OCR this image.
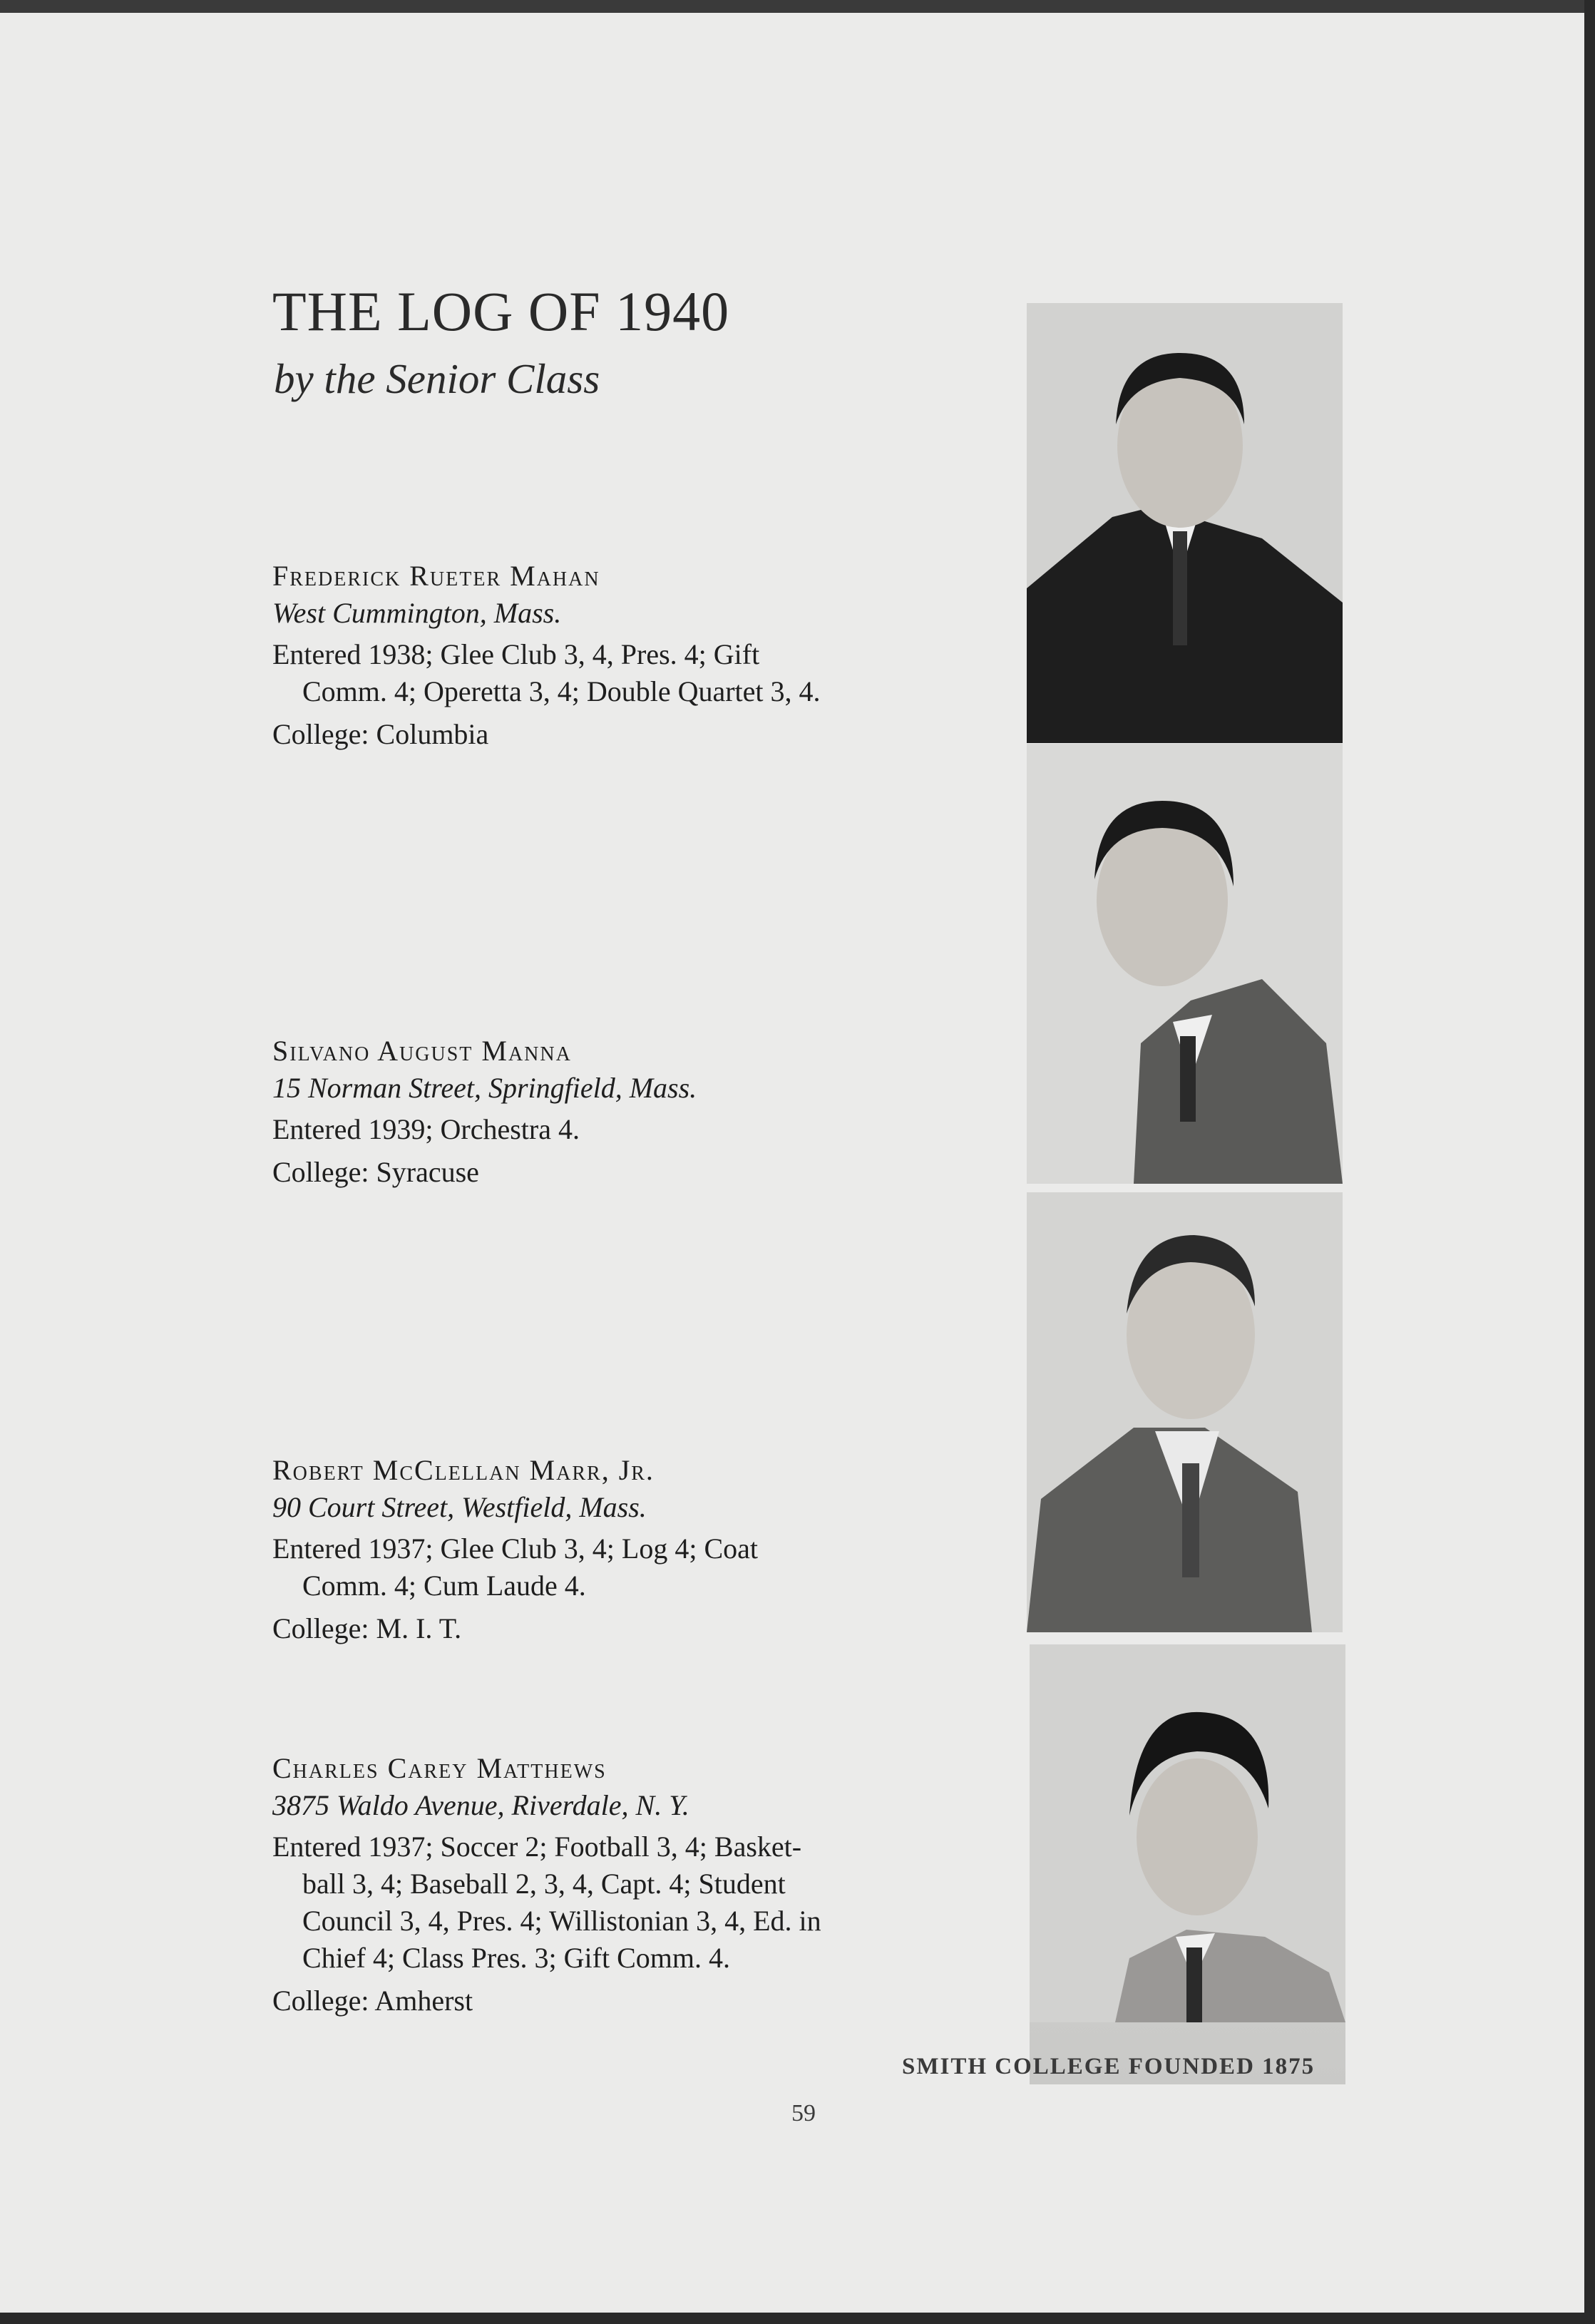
THE LOG OF 1940
by the Senior Class
Frederick Rueter Mahan
West Cummington, Mass.
Entered 1938; Glee Club 3, 4, Pres. 4; Gift
Comm. 4; Operetta 3, 4; Double Quartet 3, 4.
College: Columbia
Silvano August Manna
15 Norman Street, Springfield, Mass.
Entered 1939; Orchestra 4.
College: Syracuse
Robert McClellan Marr, Jr.
90 Court Street, Westfield, Mass.
Entered 1937; Glee Club 3, 4; Log 4; Coat
Comm. 4; Cum Laude 4.
College: M. I. T.
Charles Carey Matthews
3875 Waldo Avenue, Riverdale, N. Y.
Entered 1937; Soccer 2; Football 3, 4; Basket-
ball 3, 4; Baseball 2, 3, 4, Capt. 4; Student
Council 3, 4, Pres. 4; Willistonian 3, 4, Ed. in
Chief 4; Class Pres. 3; Gift Comm. 4.
College: Amherst
SMITH COLLEGE FOUNDED 1875
59
